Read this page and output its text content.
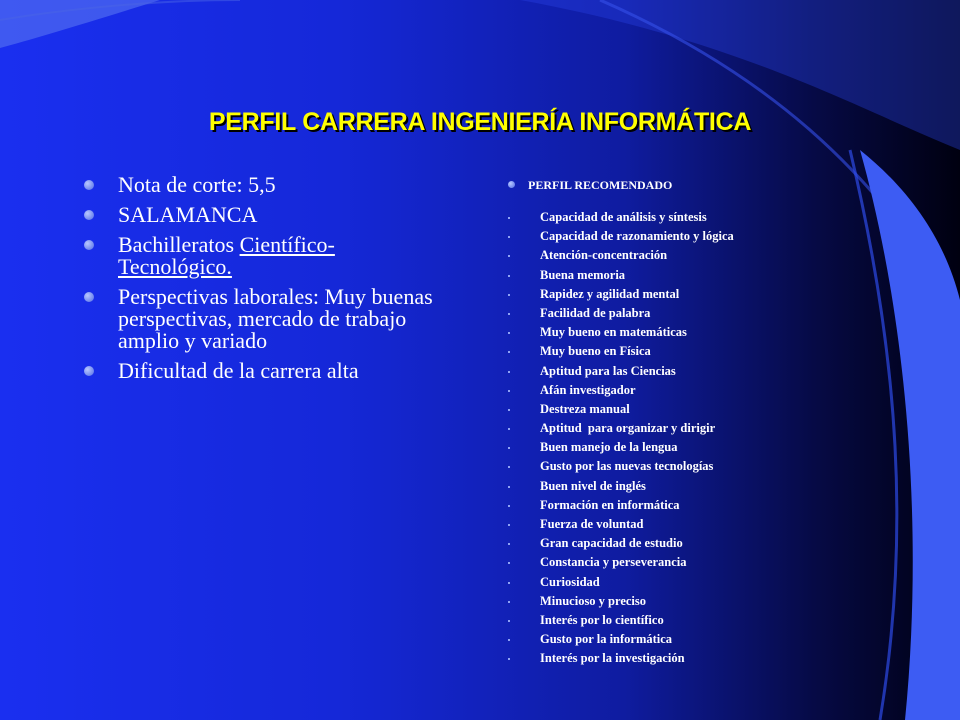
PERFIL CARRERA INGENIERÍA INFORMÁTICA
Nota de corte: 5,5
SALAMANCA
Bachilleratos Científico-Tecnológico.
Perspectivas laborales: Muy buenas perspectivas, mercado de trabajo amplio y variado
Dificultad de la carrera alta
PERFIL RECOMENDADO
Capacidad de análisis y síntesis
Capacidad de razonamiento y lógica
Atención-concentración
Buena memoria
Rapidez y agilidad mental
Facilidad de palabra
Muy bueno en matemáticas
Muy bueno en Física
Aptitud para las Ciencias
Afán investigador
Destreza manual
Aptitud  para organizar y dirigir
Buen manejo de la lengua
Gusto por las nuevas tecnologías
Buen nivel de inglés
Formación en informática
Fuerza de voluntad
Gran capacidad de estudio
Constancia y perseverancia
Curiosidad
Minucioso y preciso
Interés por lo científico
Gusto por la informática
Interés por la investigación
